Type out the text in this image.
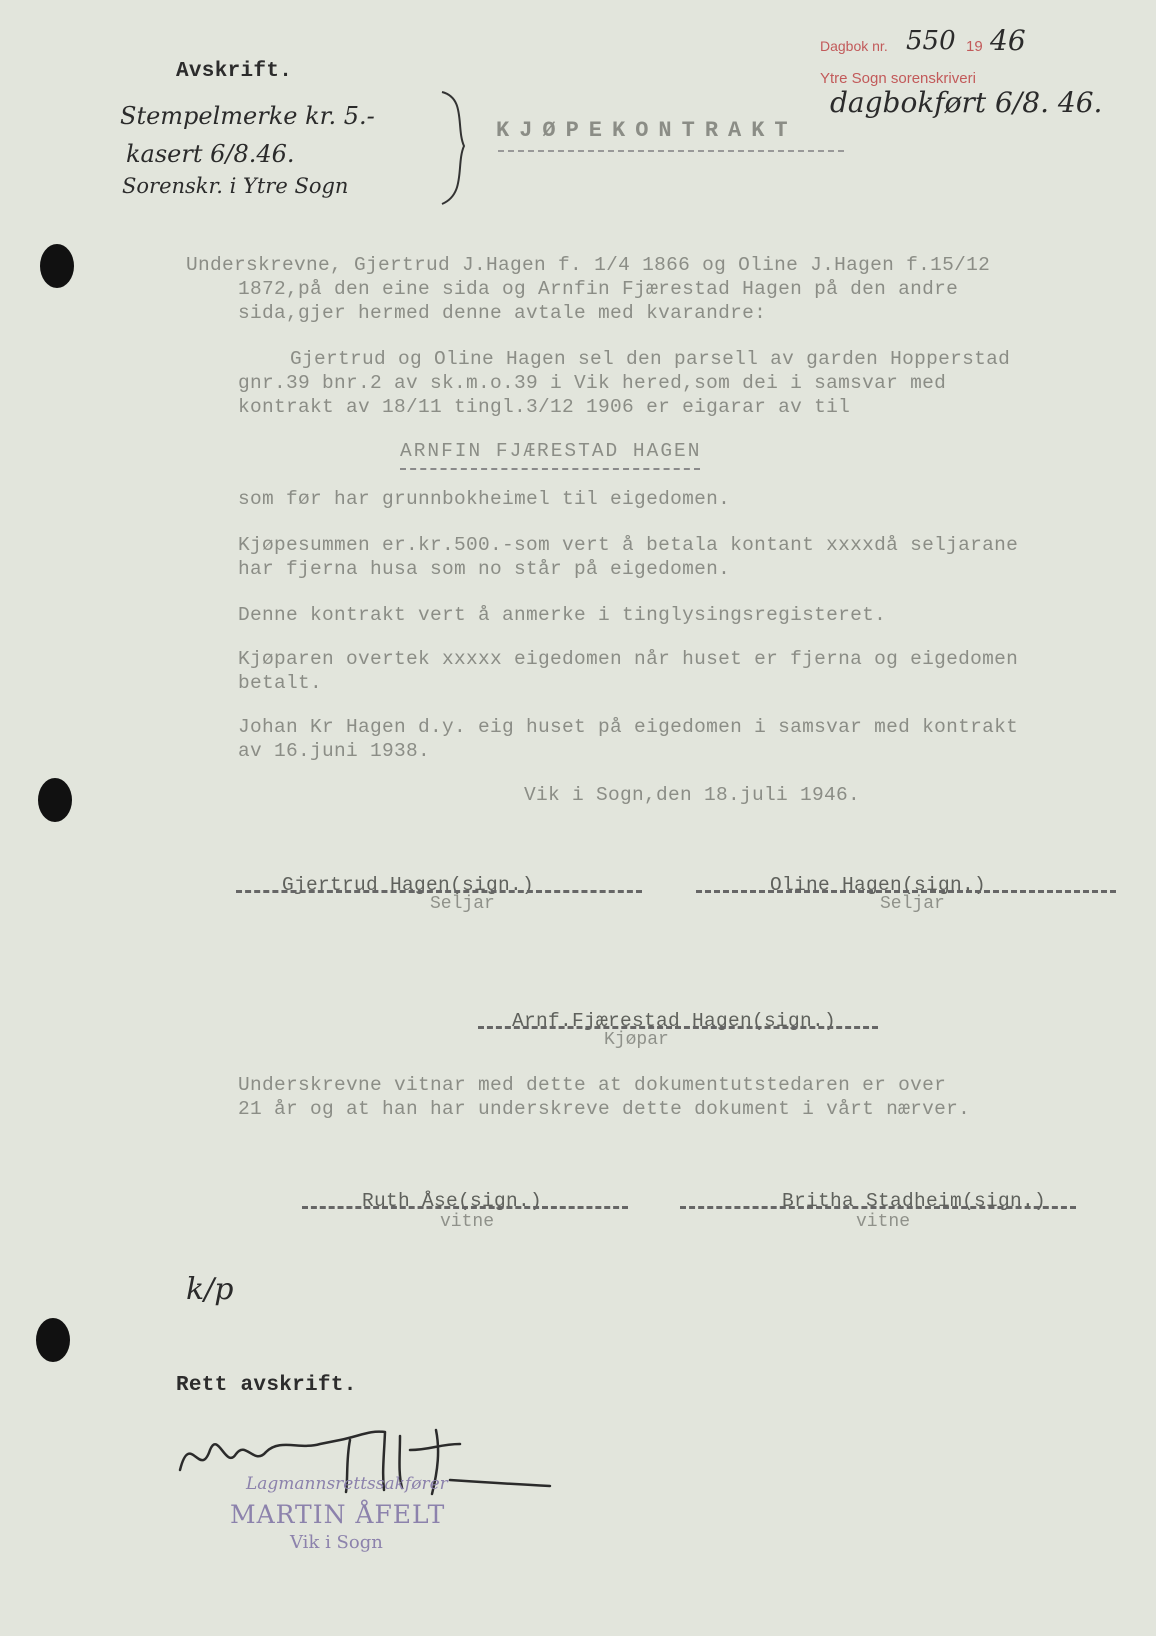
Avskrift.
Stempelmerke kr. 5.-
kasert 6/8.46.
Sorenskr. i Ytre Sogn
Dagbok nr. 550 19 46
Ytre Sogn sorenskriveri
dagbokført 6/8. 46.
KJØPEKONTRAKT
Underskrevne, Gjertrud J.Hagen f. 1/4 1866 og Oline J.Hagen f.15/12
1872,på den eine sida og Arnfin Fjærestad Hagen på den andre
sida,gjer hermed denne avtale med kvarandre:
Gjertrud og Oline Hagen sel den parsell av garden Hopperstad
gnr.39 bnr.2 av sk.m.o.39 i Vik hered,som dei i samsvar med
kontrakt av 18/11 tingl.3/12 1906 er eigarar av til
ARNFIN FJÆRESTAD HAGEN
som før har grunnbokheimel til eigedomen.
Kjøpesummen er.kr.500.-som vert å betala kontant xxxxdå seljarane
har fjerna husa som no står på eigedomen.
Denne kontrakt vert å anmerke i tinglysingsregisteret.
Kjøparen overtek xxxxx eigedomen når huset er fjerna og eigedomen
betalt.
Johan Kr Hagen d.y. eig huset på eigedomen i samsvar med kontrakt
av 16.juni 1938.
Vik i Sogn,den 18.juli 1946.
Gjertrud Hagen(sign.)
Seljar
Oline Hagen(sign.)
Seljar
Arnf.Fjærestad Hagen(sign.)
Kjøpar
Underskrevne vitnar med dette at dokumentutstedaren er over
21 år og at han har underskreve dette dokument i vårt nærver.
Ruth Åse(sign.)
vitne
Britha Stadheim(sign.)
vitne
k/p
Rett avskrift.
Lagmannsrettssakfører
MARTIN ÅFELT
Vik i Sogn
